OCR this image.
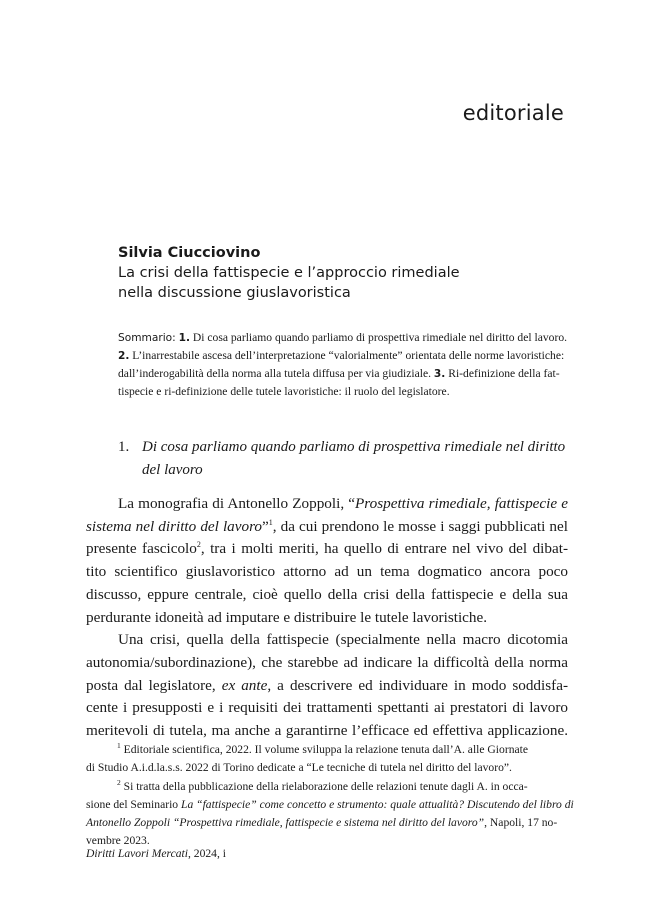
editoriale
Silvia Ciucciovino
La crisi della fattispecie e l’approccio rimediale
nella discussione giuslavoristica
Sommario: 1. Di cosa parliamo quando parliamo di prospettiva rimediale nel diritto del lavoro.
2. L’inarrestabile ascesa dell’interpretazione “valorialmente” orientata delle norme lavoristiche:
dall’inderogabilità della norma alla tutela diffusa per via giudiziale. 3. Ri-definizione della fat-
tispecie e ri-definizione delle tutele lavoristiche: il ruolo del legislatore.
1. Di cosa parliamo quando parliamo di prospettiva rimediale nel diritto del lavoro

La monografia di Antonello Zoppoli, “Prospettiva rimediale, fattispecie e
sistema nel diritto del lavoro”$^1$, da cui prendono le mosse i saggi pubblicati nel
presente fascicolo$^2$, tra i molti meriti, ha quello di entrare nel vivo del dibat-
tito scientifico giuslavoristico attorno ad un tema dogmatico ancora poco
discusso, eppure centrale, cioè quello della crisi della fattispecie e della sua
perdurante idoneità ad imputare e distribuire le tutele lavoristiche.

Una crisi, quella della fattispecie (specialmente nella macro dicotomia
autonomia/subordinazione), che starebbe ad indicare la difficoltà della norma
posta dal legislatore, ex ante, a descrivere ed individuare in modo soddisfa-
cente i presupposti e i requisiti dei trattamenti spettanti ai prestatori di lavoro
meritevoli di tutela, ma anche a garantirne l’efficace ed effettiva applicazione.

$^1$ Editoriale scientifica, 2022. Il volume sviluppa la relazione tenuta dall’A. alle Giornate
di Studio A.i.d.la.s.s. 2022 di Torino dedicate a “Le tecniche di tutela nel diritto del lavoro”.
$^2$ Si tratta della pubblicazione della rielaborazione delle relazioni tenute dagli A. in occa-
sione del Seminario La “fattispecie” come concetto e strumento: quale attualità? Discutendo del libro di
Antonello Zoppoli “Prospettiva rimediale, fattispecie e sistema nel diritto del lavoro”, Napoli, 17 no-
vembre 2023.
Diritti Lavori Mercati, 2024, i
